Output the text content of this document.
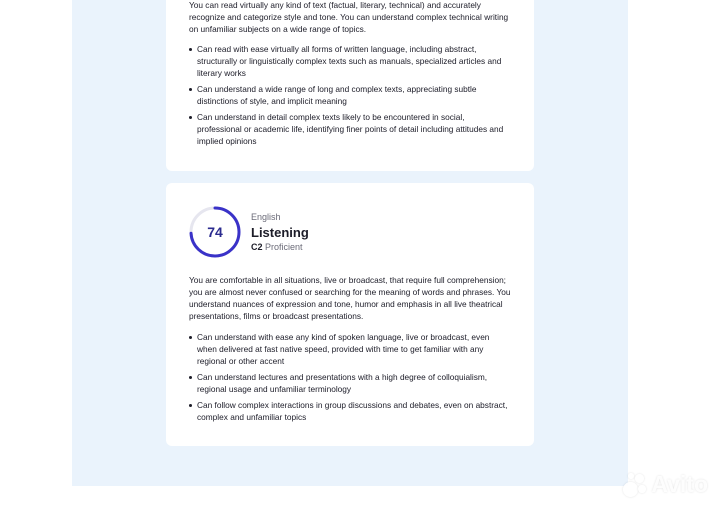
You can read virtually any kind of text (factual, literary, technical) and accurately recognize and categorize style and tone. You can understand complex technical writing on unfamiliar subjects on a wide range of topics.

Can read with ease virtually all forms of written language, including abstract, structurally or linguistically complex texts such as manuals, specialized articles and literary works
Can understand a wide range of long and complex texts, appreciating subtle distinctions of style, and implicit meaning
Can understand in detail complex texts likely to be encountered in social, professional or academic life, identifying finer points of detail including attitudes and implied opinions
74
English
Listening
C2 Proficient

You are comfortable in all situations, live or broadcast, that require full comprehension; you are almost never confused or searching for the meaning of words and phrases. You understand nuances of expression and tone, humor and emphasis in all live theatrical presentations, films or broadcast presentations.

Can understand with ease any kind of spoken language, live or broadcast, even when delivered at fast native speed, provided with time to get familiar with any regional or other accent
Can understand lectures and presentations with a high degree of colloquialism, regional usage and unfamiliar terminology
Can follow complex interactions in group discussions and debates, even on abstract, complex and unfamiliar topics
Avito
